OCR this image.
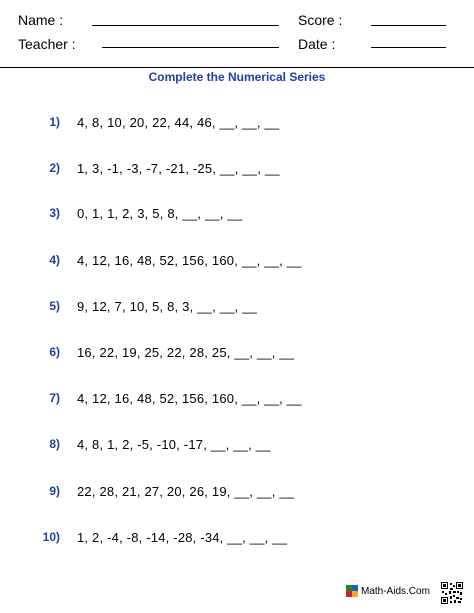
Name :	Score :
Teacher :	Date :
Complete the Numerical Series
1) 4, 8, 10, 20, 22, 44, 46, __, __, __
2) 1, 3, -1, -3, -7, -21, -25, __, __, __
3) 0, 1, 1, 2, 3, 5, 8, __, __, __
4) 4, 12, 16, 48, 52, 156, 160, __, __, __
5) 9, 12, 7, 10, 5, 8, 3, __, __, __
6) 16, 22, 19, 25, 22, 28, 25, __, __, __
7) 4, 12, 16, 48, 52, 156, 160, __, __, __
8) 4, 8, 1, 2, -5, -10, -17, __, __, __
9) 22, 28, 21, 27, 20, 26, 19, __, __, __
10) 1, 2, -4, -8, -14, -28, -34, __, __, __
Math-Aids.Com
